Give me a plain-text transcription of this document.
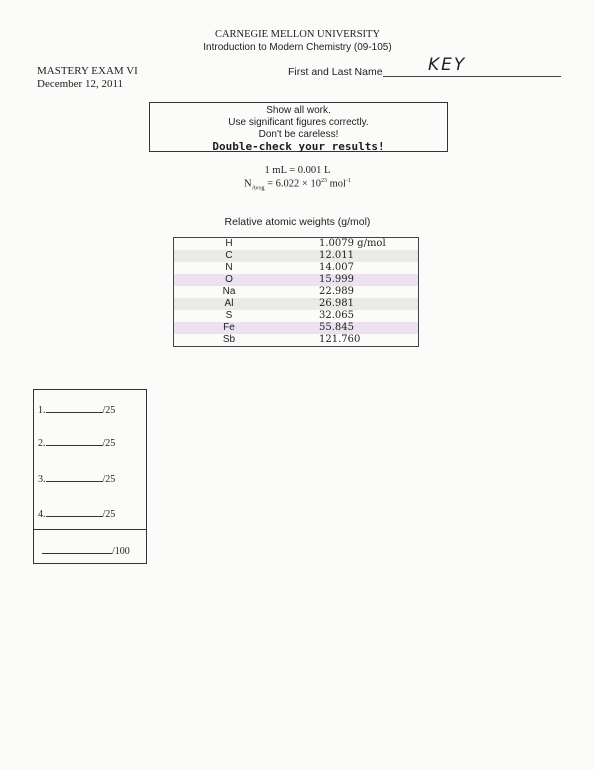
CARNEGIE MELLON UNIVERSITY
Introduction to Modern Chemistry (09-105)
MASTERY EXAM VI
December 12, 2011
First and Last Name	KEY
Show all work.
Use significant figures correctly.
Don't be careless!
Double-check your results!
1 mL = 0.001 L
$N_{Avog} = 6.022 \times 10^{23}$ mol$^{-1}$
Relative atomic weights (g/mol)
H	1.0079 g/mol
C	12.011
N	14.007
O	15.999
Na	22.989
Al	26.981
S	32.065
Fe	55.845
Sb	121.760
1.	/25
2.	/25
3.	/25
4.	/25
/100
